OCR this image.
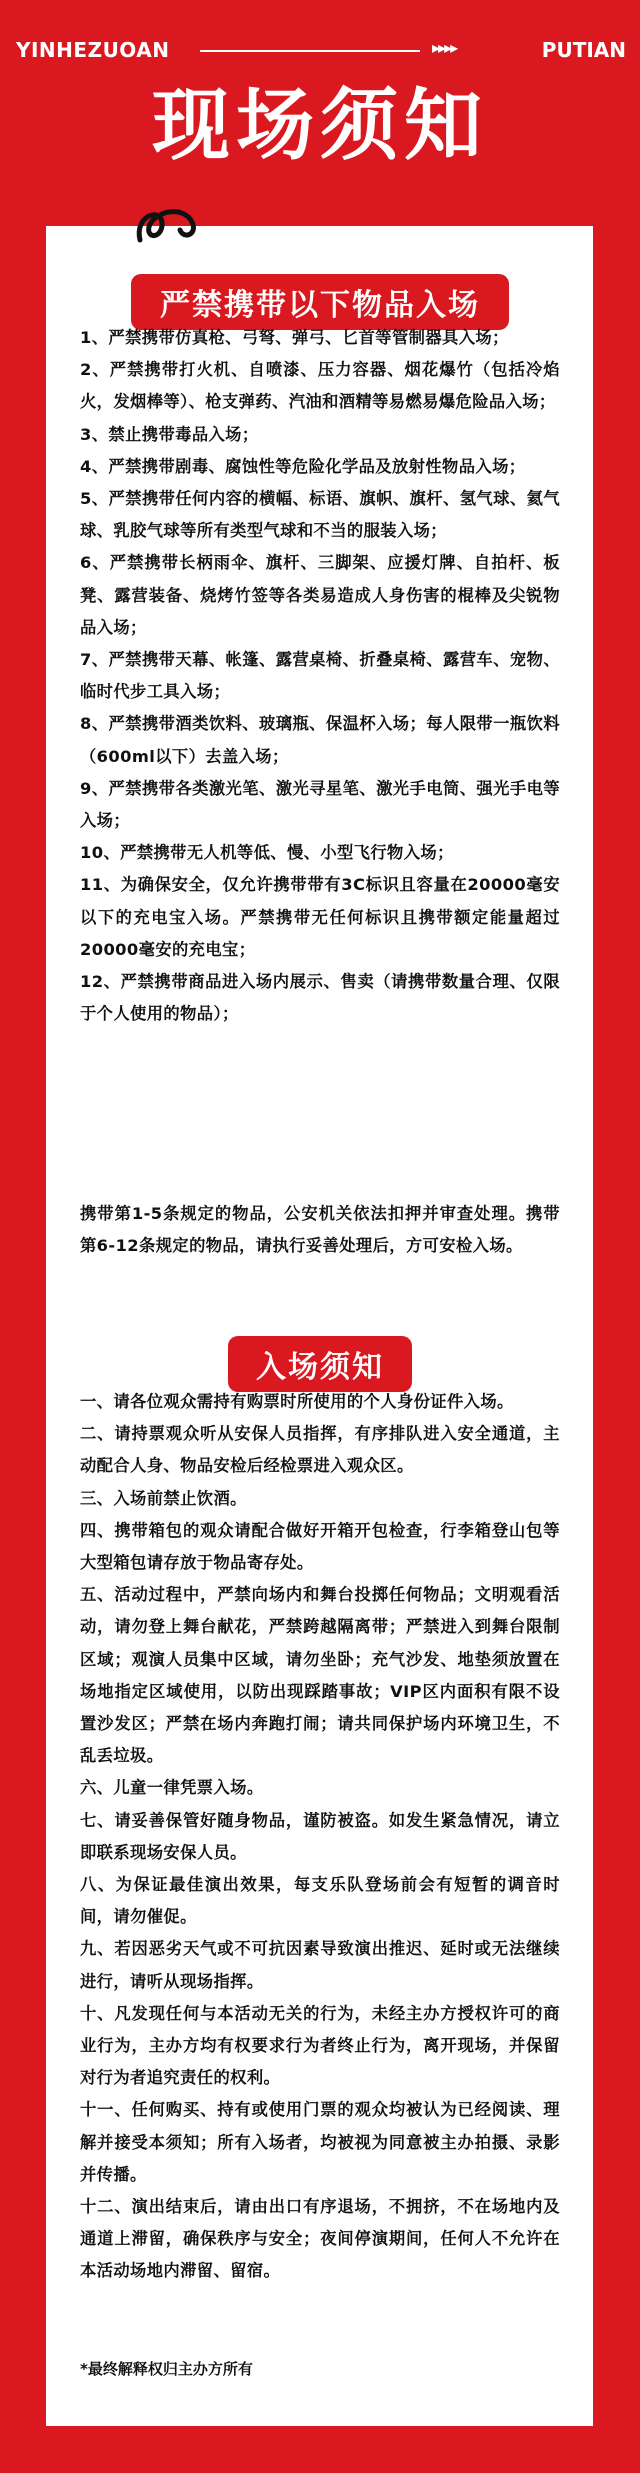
YINHEZUOAN	▸▸▸▸	PUTIAN
现场须知
严禁携带以下物品入场

1、严禁携带仿真枪、弓弩、弹弓、匕首等管制器具入场；

2、严禁携带打火机、自喷漆、压力容器、烟花爆竹（包括冷焰火，发烟棒等）、枪支弹药、汽油和酒精等易燃易爆危险品入场；

3、禁止携带毒品入场；

4、严禁携带剧毒、腐蚀性等危险化学品及放射性物品入场；

5、严禁携带任何内容的横幅、标语、旗帜、旗杆、氢气球、氦气球、乳胶气球等所有类型气球和不当的服装入场；

6、严禁携带长柄雨伞、旗杆、三脚架、应援灯牌、自拍杆、板凳、露营装备、烧烤竹签等各类易造成人身伤害的棍棒及尖锐物品入场；

7、严禁携带天幕、帐篷、露营桌椅、折叠桌椅、露营车、宠物、临时代步工具入场；

8、严禁携带酒类饮料、玻璃瓶、保温杯入场；每人限带一瓶饮料（600ml以下）去盖入场；

9、严禁携带各类激光笔、激光寻星笔、激光手电筒、强光手电等入场；

10、严禁携带无人机等低、慢、小型飞行物入场；

11、为确保安全，仅允许携带带有3C标识且容量在20000毫安以下的充电宝入场。严禁携带无任何标识且携带额定能量超过20000毫安的充电宝；

12、严禁携带商品进入场内展示、售卖（请携带数量合理、仅限于个人使用的物品）；

携带第1-5条规定的物品，公安机关依法扣押并审查处理。携带第6-12条规定的物品，请执行妥善处理后，方可安检入场。

入场须知

一、请各位观众需持有购票时所使用的个人身份证件入场。

二、请持票观众听从安保人员指挥，有序排队进入安全通道，主动配合人身、物品安检后经检票进入观众区。

三、入场前禁止饮酒。

四、携带箱包的观众请配合做好开箱开包检查，行李箱登山包等大型箱包请存放于物品寄存处。

五、活动过程中，严禁向场内和舞台投掷任何物品；文明观看活动，请勿登上舞台献花，严禁跨越隔离带；严禁进入到舞台限制区域；观演人员集中区域，请勿坐卧；充气沙发、地垫须放置在场地指定区域使用，以防出现踩踏事故；VIP区内面积有限不设置沙发区；严禁在场内奔跑打闹；请共同保护场内环境卫生，不乱丢垃圾。

六、儿童一律凭票入场。

七、请妥善保管好随身物品，谨防被盗。如发生紧急情况，请立即联系现场安保人员。

八、为保证最佳演出效果，每支乐队登场前会有短暂的调音时间，请勿催促。

九、若因恶劣天气或不可抗因素导致演出推迟、延时或无法继续进行，请听从现场指挥。

十、凡发现任何与本活动无关的行为，未经主办方授权许可的商业行为，主办方均有权要求行为者终止行为，离开现场，并保留对行为者追究责任的权利。

十一、任何购买、持有或使用门票的观众均被认为已经阅读、理解并接受本须知；所有入场者，均被视为同意被主办拍摄、录影并传播。

十二、演出结束后，请由出口有序退场，不拥挤，不在场地内及通道上滞留，确保秩序与安全；夜间停演期间，任何人不允许在本活动场地内滞留、留宿。

*最终解释权归主办方所有
